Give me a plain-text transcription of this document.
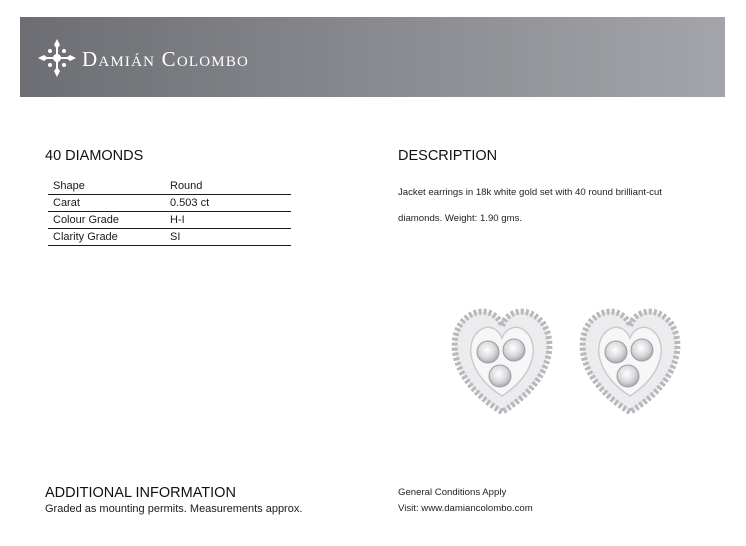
Damián Colombo
40 DIAMONDS
Shape	Round
Carat	0.503 ct
Colour Grade	H-I
Clarity Grade	SI
DESCRIPTION
Jacket earrings in 18k white gold set with 40 round brilliant-cut diamonds. Weight: 1.90 gms.
ADDITIONAL INFORMATION
Graded as mounting permits. Measurements approx.
General Conditions Apply
Visit: www.damiancolombo.com
